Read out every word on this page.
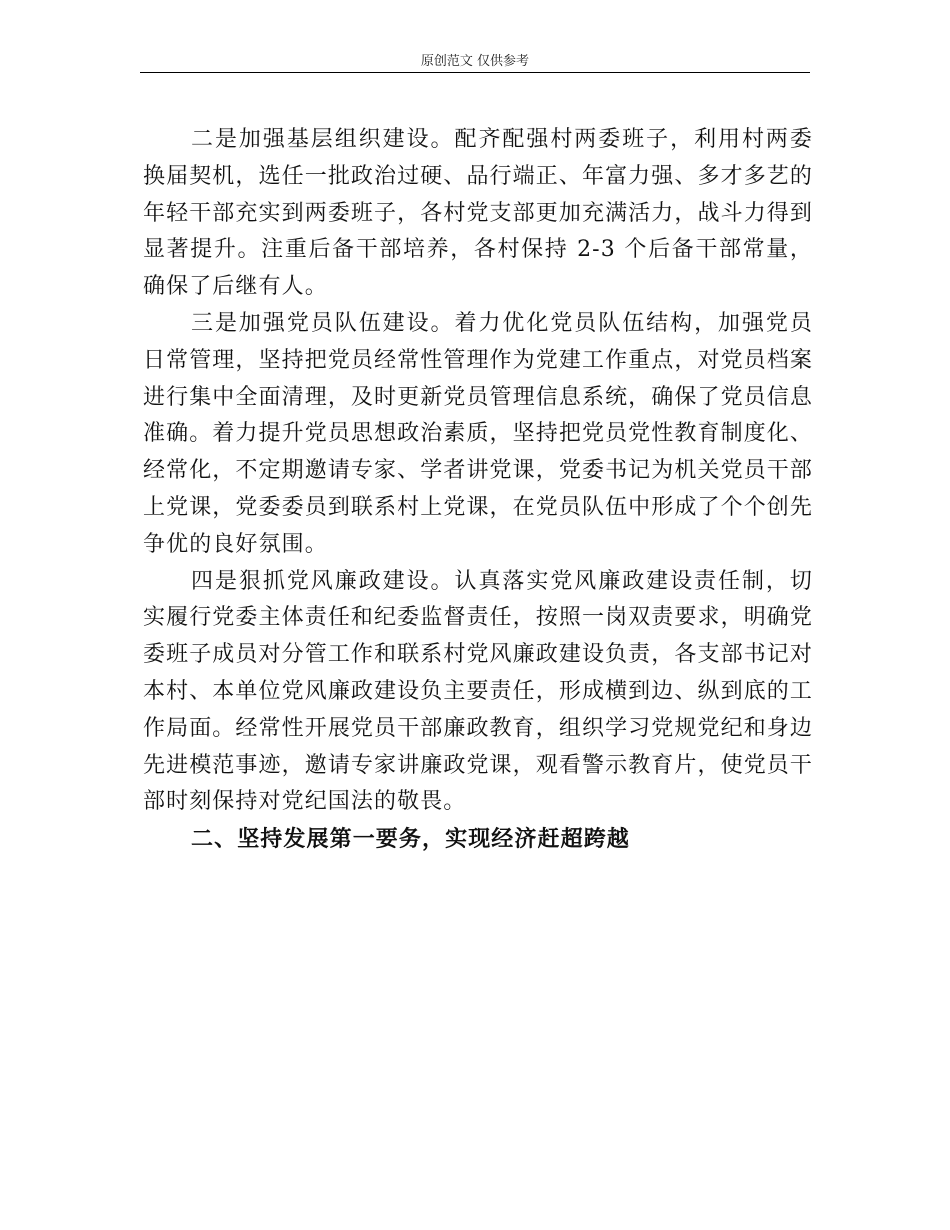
原创范文 仅供参考

二是加强基层组织建设。配齐配强村两委班子，利用村两委换届契机，选任一批政治过硬、品行端正、年富力强、多才多艺的年轻干部充实到两委班子，各村党支部更加充满活力，战斗力得到显著提升。注重后备干部培养，各村保持 2-3 个后备干部常量，确保了后继有人。

三是加强党员队伍建设。着力优化党员队伍结构，加强党员日常管理，坚持把党员经常性管理作为党建工作重点，对党员档案进行集中全面清理，及时更新党员管理信息系统，确保了党员信息准确。着力提升党员思想政治素质，坚持把党员党性教育制度化、经常化，不定期邀请专家、学者讲党课，党委书记为机关党员干部上党课，党委委员到联系村上党课，在党员队伍中形成了个个创先争优的良好氛围。

四是狠抓党风廉政建设。认真落实党风廉政建设责任制，切实履行党委主体责任和纪委监督责任，按照一岗双责要求，明确党委班子成员对分管工作和联系村党风廉政建设负责，各支部书记对本村、本单位党风廉政建设负主要责任，形成横到边、纵到底的工作局面。经常性开展党员干部廉政教育，组织学习党规党纪和身边先进模范事迹，邀请专家讲廉政党课，观看警示教育片，使党员干部时刻保持对党纪国法的敬畏。

二、坚持发展第一要务，实现经济赶超跨越
